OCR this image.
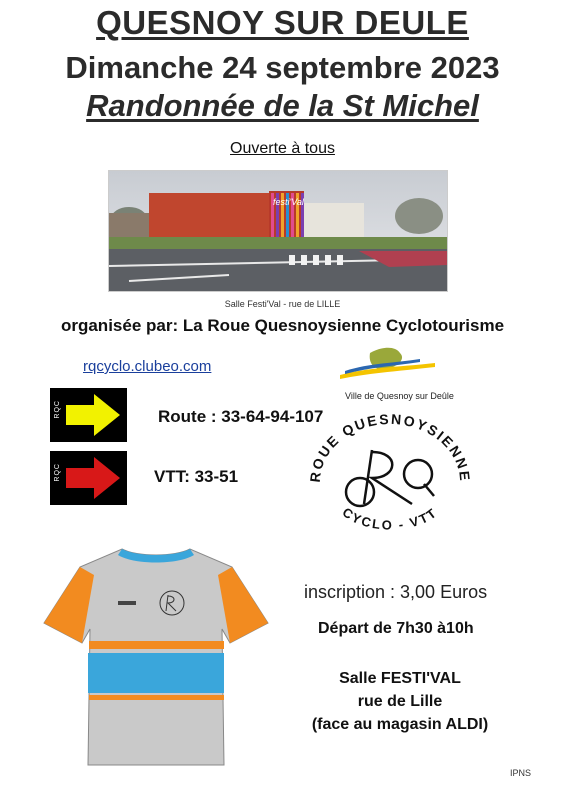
QUESNOY SUR DEULE
Dimanche 24 septembre 2023
Randonnée de la St Michel
Ouverte à tous
festi'Val
Salle Festi'Val - rue de LILLE
organisée par: La Roue Quesnoysienne Cyclotourisme
rqcyclo.clubeo.com
Ville de Quesnoy sur Deûle
RQC	Route : 33-64-94-107
RQC	VTT: 33-51	ROUE QUESNOYSIENNE
CYCLO - VTT
inscription : 3,00 Euros
Départ de 7h30 à10h
Salle FESTI'VAL
rue de Lille
(face au magasin ALDI)
IPNS
